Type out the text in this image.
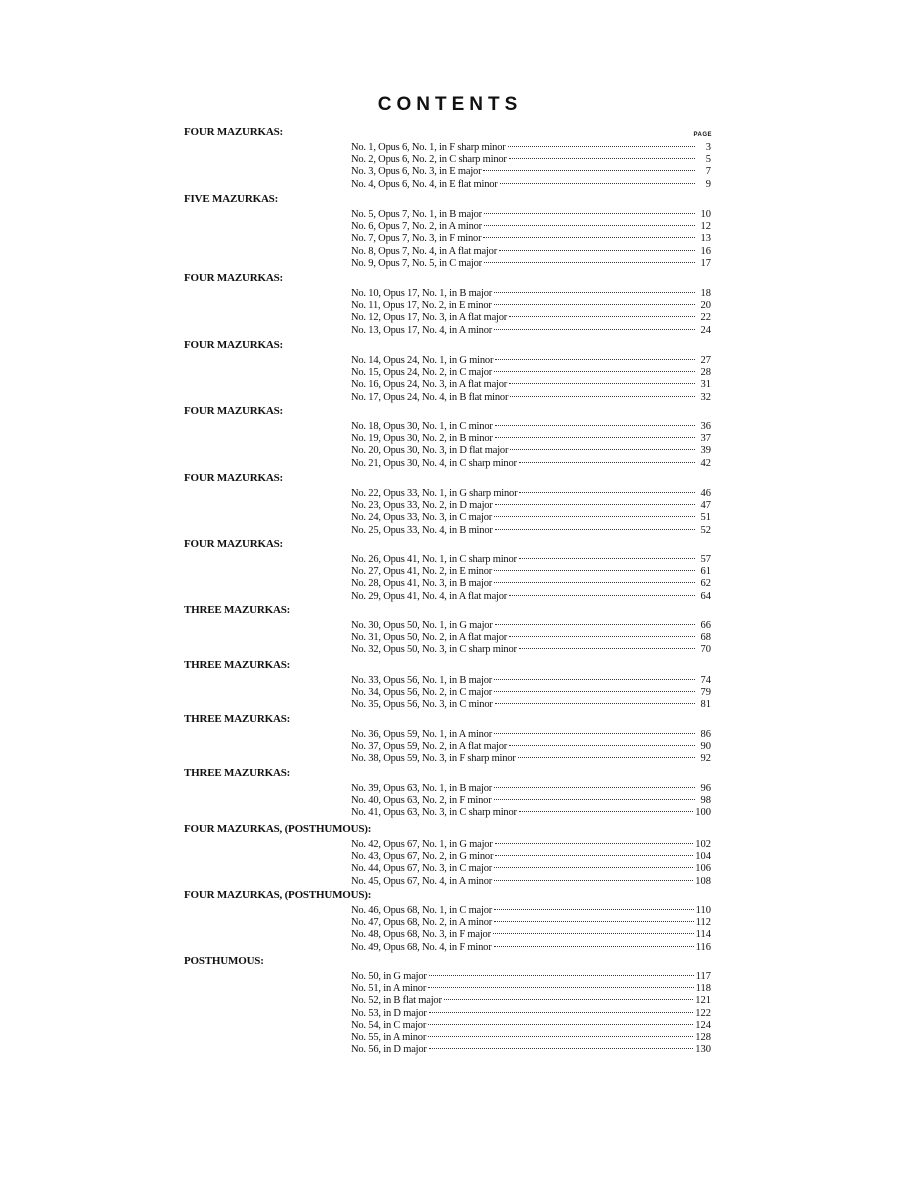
CONTENTS
PAGE
FOUR MAZURKAS:
No. 1, Opus 6, No. 1, in F sharp minor	3
No. 2, Opus 6, No. 2, in C sharp minor	5
No. 3, Opus 6, No. 3, in E major	7
No. 4, Opus 6, No. 4, in E flat minor	9
FIVE MAZURKAS:
No. 5, Opus 7, No. 1, in B major	10
No. 6, Opus 7, No. 2, in A minor	12
No. 7, Opus 7, No. 3, in F minor	13
No. 8, Opus 7, No. 4, in A flat major	16
No. 9, Opus 7, No. 5, in C major	17
FOUR MAZURKAS:
No. 10, Opus 17, No. 1, in B major	18
No. 11, Opus 17, No. 2, in E minor	20
No. 12, Opus 17, No. 3, in A flat major	22
No. 13, Opus 17, No. 4, in A minor	24
FOUR MAZURKAS:
No. 14, Opus 24, No. 1, in G minor	27
No. 15, Opus 24, No. 2, in C major	28
No. 16, Opus 24, No. 3, in A flat major	31
No. 17, Opus 24, No. 4, in B flat minor	32
FOUR MAZURKAS:
No. 18, Opus 30, No. 1, in C minor	36
No. 19, Opus 30, No. 2, in B minor	37
No. 20, Opus 30, No. 3, in D flat major	39
No. 21, Opus 30, No. 4, in C sharp minor	42
FOUR MAZURKAS:
No. 22, Opus 33, No. 1, in G sharp minor	46
No. 23, Opus 33, No. 2, in D major	47
No. 24, Opus 33, No. 3, in C major	51
No. 25, Opus 33, No. 4, in B minor	52
FOUR MAZURKAS:
No. 26, Opus 41, No. 1, in C sharp minor	57
No. 27, Opus 41, No. 2, in E minor	61
No. 28, Opus 41, No. 3, in B major	62
No. 29, Opus 41, No. 4, in A flat major	64
THREE MAZURKAS:
No. 30, Opus 50, No. 1, in G major	66
No. 31, Opus 50, No. 2, in A flat major	68
No. 32, Opus 50, No. 3, in C sharp minor	70
THREE MAZURKAS:
No. 33, Opus 56, No. 1, in B major	74
No. 34, Opus 56, No. 2, in C major	79
No. 35, Opus 56, No. 3, in C minor	81
THREE MAZURKAS:
No. 36, Opus 59, No. 1, in A minor	86
No. 37, Opus 59, No. 2, in A flat major	90
No. 38, Opus 59, No. 3, in F sharp minor	92
THREE MAZURKAS:
No. 39, Opus 63, No. 1, in B major	96
No. 40, Opus 63, No. 2, in F minor	98
No. 41, Opus 63, No. 3, in C sharp minor	100
FOUR MAZURKAS, (POSTHUMOUS):
No. 42, Opus 67, No. 1, in G major	102
No. 43, Opus 67, No. 2, in G minor	104
No. 44, Opus 67, No. 3, in C major	106
No. 45, Opus 67, No. 4, in A minor	108
FOUR MAZURKAS, (POSTHUMOUS):
No. 46, Opus 68, No. 1, in C major	110
No. 47, Opus 68, No. 2, in A minor	112
No. 48, Opus 68, No. 3, in F major	114
No. 49, Opus 68, No. 4, in F minor	116
POSTHUMOUS:
No. 50, in G major	117
No. 51, in A minor	118
No. 52, in B flat major	121
No. 53, in D major	122
No. 54, in C major	124
No. 55, in A minor	128
No. 56, in D major	130
